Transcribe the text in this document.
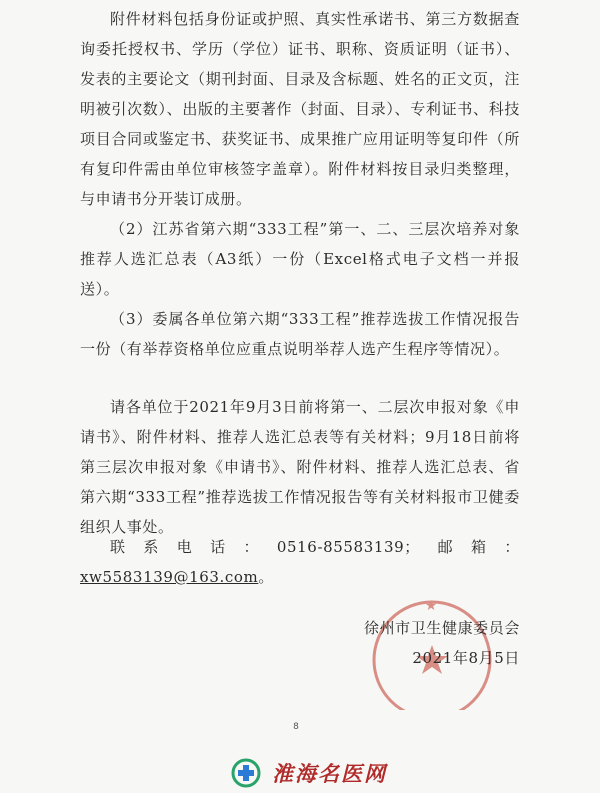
附件材料包括身份证或护照、真实性承诺书、第三方数据查询委托授权书、学历（学位）证书、职称、资质证明（证书）、发表的主要论文（期刊封面、目录及含标题、姓名的正文页，注明被引次数）、出版的主要著作（封面、目录）、专利证书、科技项目合同或鉴定书、获奖证书、成果推广应用证明等复印件（所有复印件需由单位审核签字盖章）。附件材料按目录归类整理，与申请书分开装订成册。
（2）江苏省第六期“333工程”第一、二、三层次培养对象推荐人选汇总表（A3纸）一份（Excel格式电子文档一并报送）。
（3）委属各单位第六期“333工程”推荐选拔工作情况报告一份（有举荐资格单位应重点说明举荐人选产生程序等情况）。
请各单位于2021年9月3日前将第一、二层次申报对象《申请书》、附件材料、推荐人选汇总表等有关材料；9月18日前将第三层次申报对象《申请书》、附件材料、推荐人选汇总表、省第六期“333工程”推荐选拔工作情况报告等有关材料报市卫健委组织人事处。
联系电话：0516-85583139；邮箱：xw5583139@163.com。
★
徐州市卫生健康委员会
2021年8月5日
8
淮海名医网
